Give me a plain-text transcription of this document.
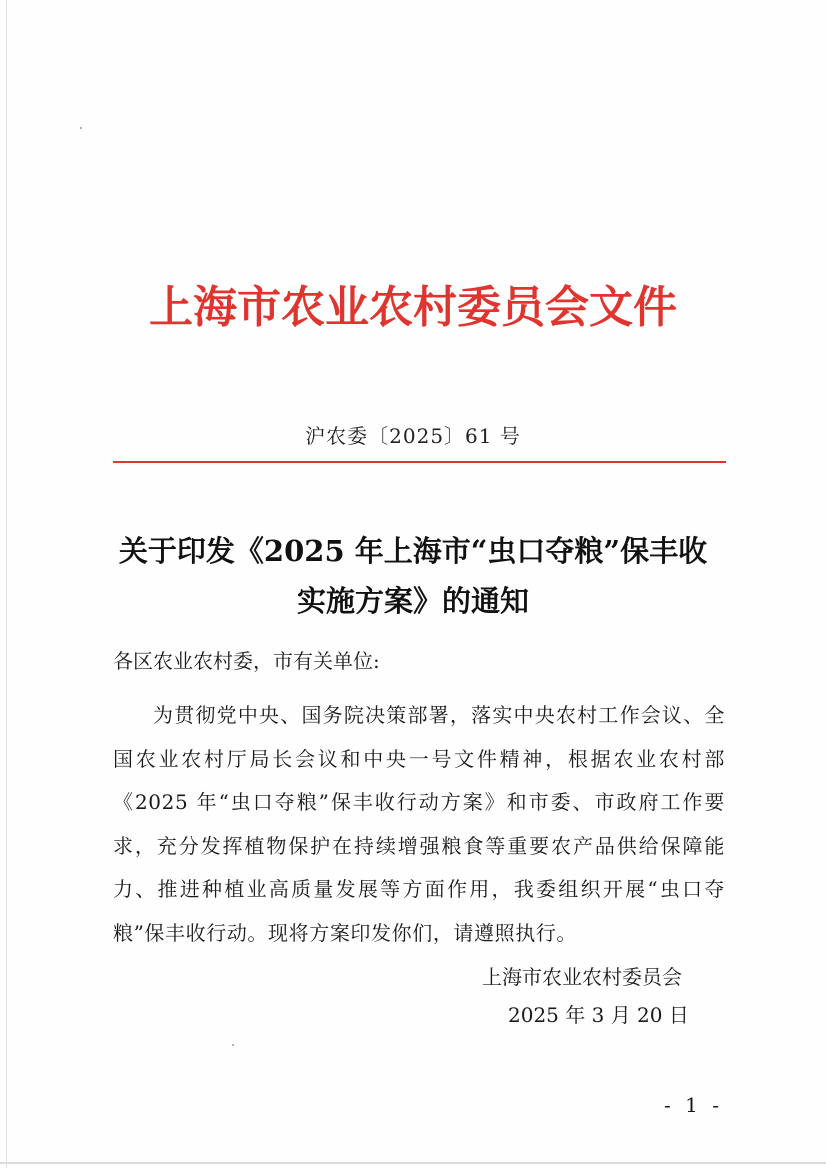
上海市农业农村委员会文件
沪农委〔2025〕61 号
关于印发《2025 年上海市“虫口夺粮”保丰收
实施方案》的通知
各区农业农村委，市有关单位:
为贯彻党中央、国务院决策部署，落实中央农村工作会议、全国农业农村厅局长会议和中央一号文件精神，根据农业农村部《2025 年“虫口夺粮”保丰收行动方案》和市委、市政府工作要求，充分发挥植物保护在持续增强粮食等重要农产品供给保障能力、推进种植业高质量发展等方面作用，我委组织开展“虫口夺粮”保丰收行动。现将方案印发你们，请遵照执行。
上海市农业农村委员会
2025 年 3 月 20 日
- 1 -
